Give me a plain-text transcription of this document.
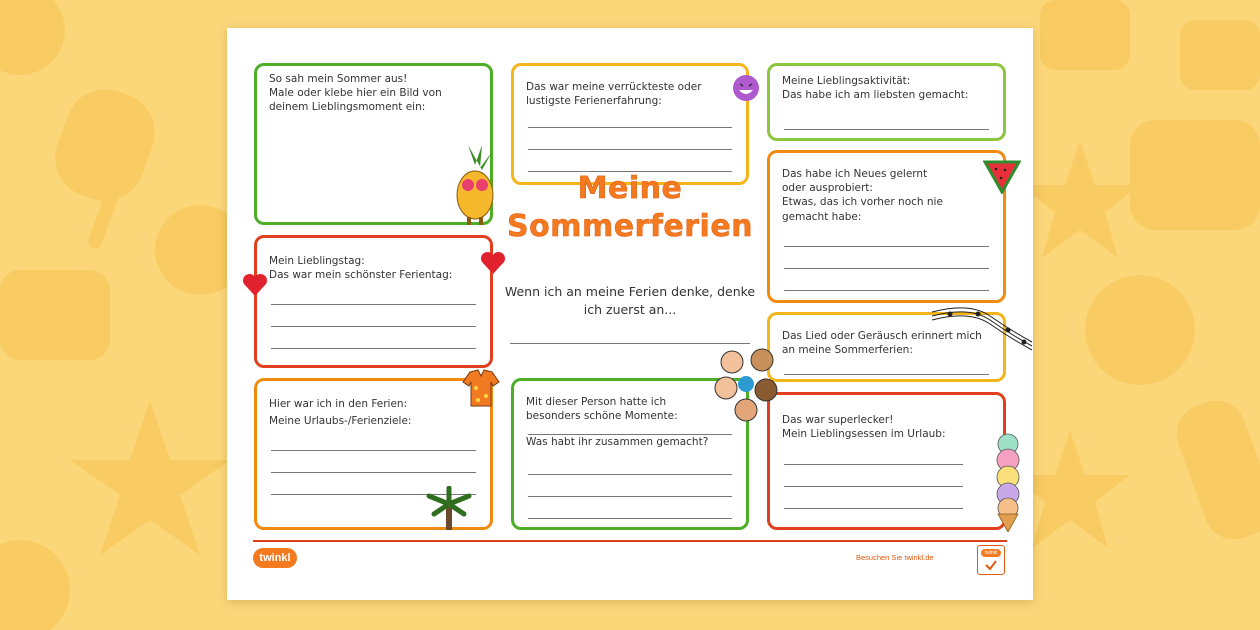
So sah mein Sommer aus!
Male oder klebe hier ein Bild von deinem Lieblingsmoment ein:
Mein Lieblingstag:
Das war mein schönster Ferientag:
Hier war ich in den Ferien:
Meine Urlaubs-/Ferienziele:
Das war meine verrückteste oder lustigste Ferienerfahrung:
Meine
Sommerferien
Wenn ich an meine Ferien denke, denke ich zuerst an...
Mit dieser Person hatte ich besonders schöne Momente:
Was habt ihr zusammen gemacht?
Meine Lieblingsaktivität:
Das habe ich am liebsten gemacht:
Das habe ich Neues gelernt oder ausprobiert:
Etwas, das ich vorher noch nie gemacht habe:
Das Lied oder Geräusch erinnert mich an meine Sommerferien:
Das war superlecker!
Mein Lieblingsessen im Urlaub:
twinkl	Besuchen Sie twinkl.de	twinkl
